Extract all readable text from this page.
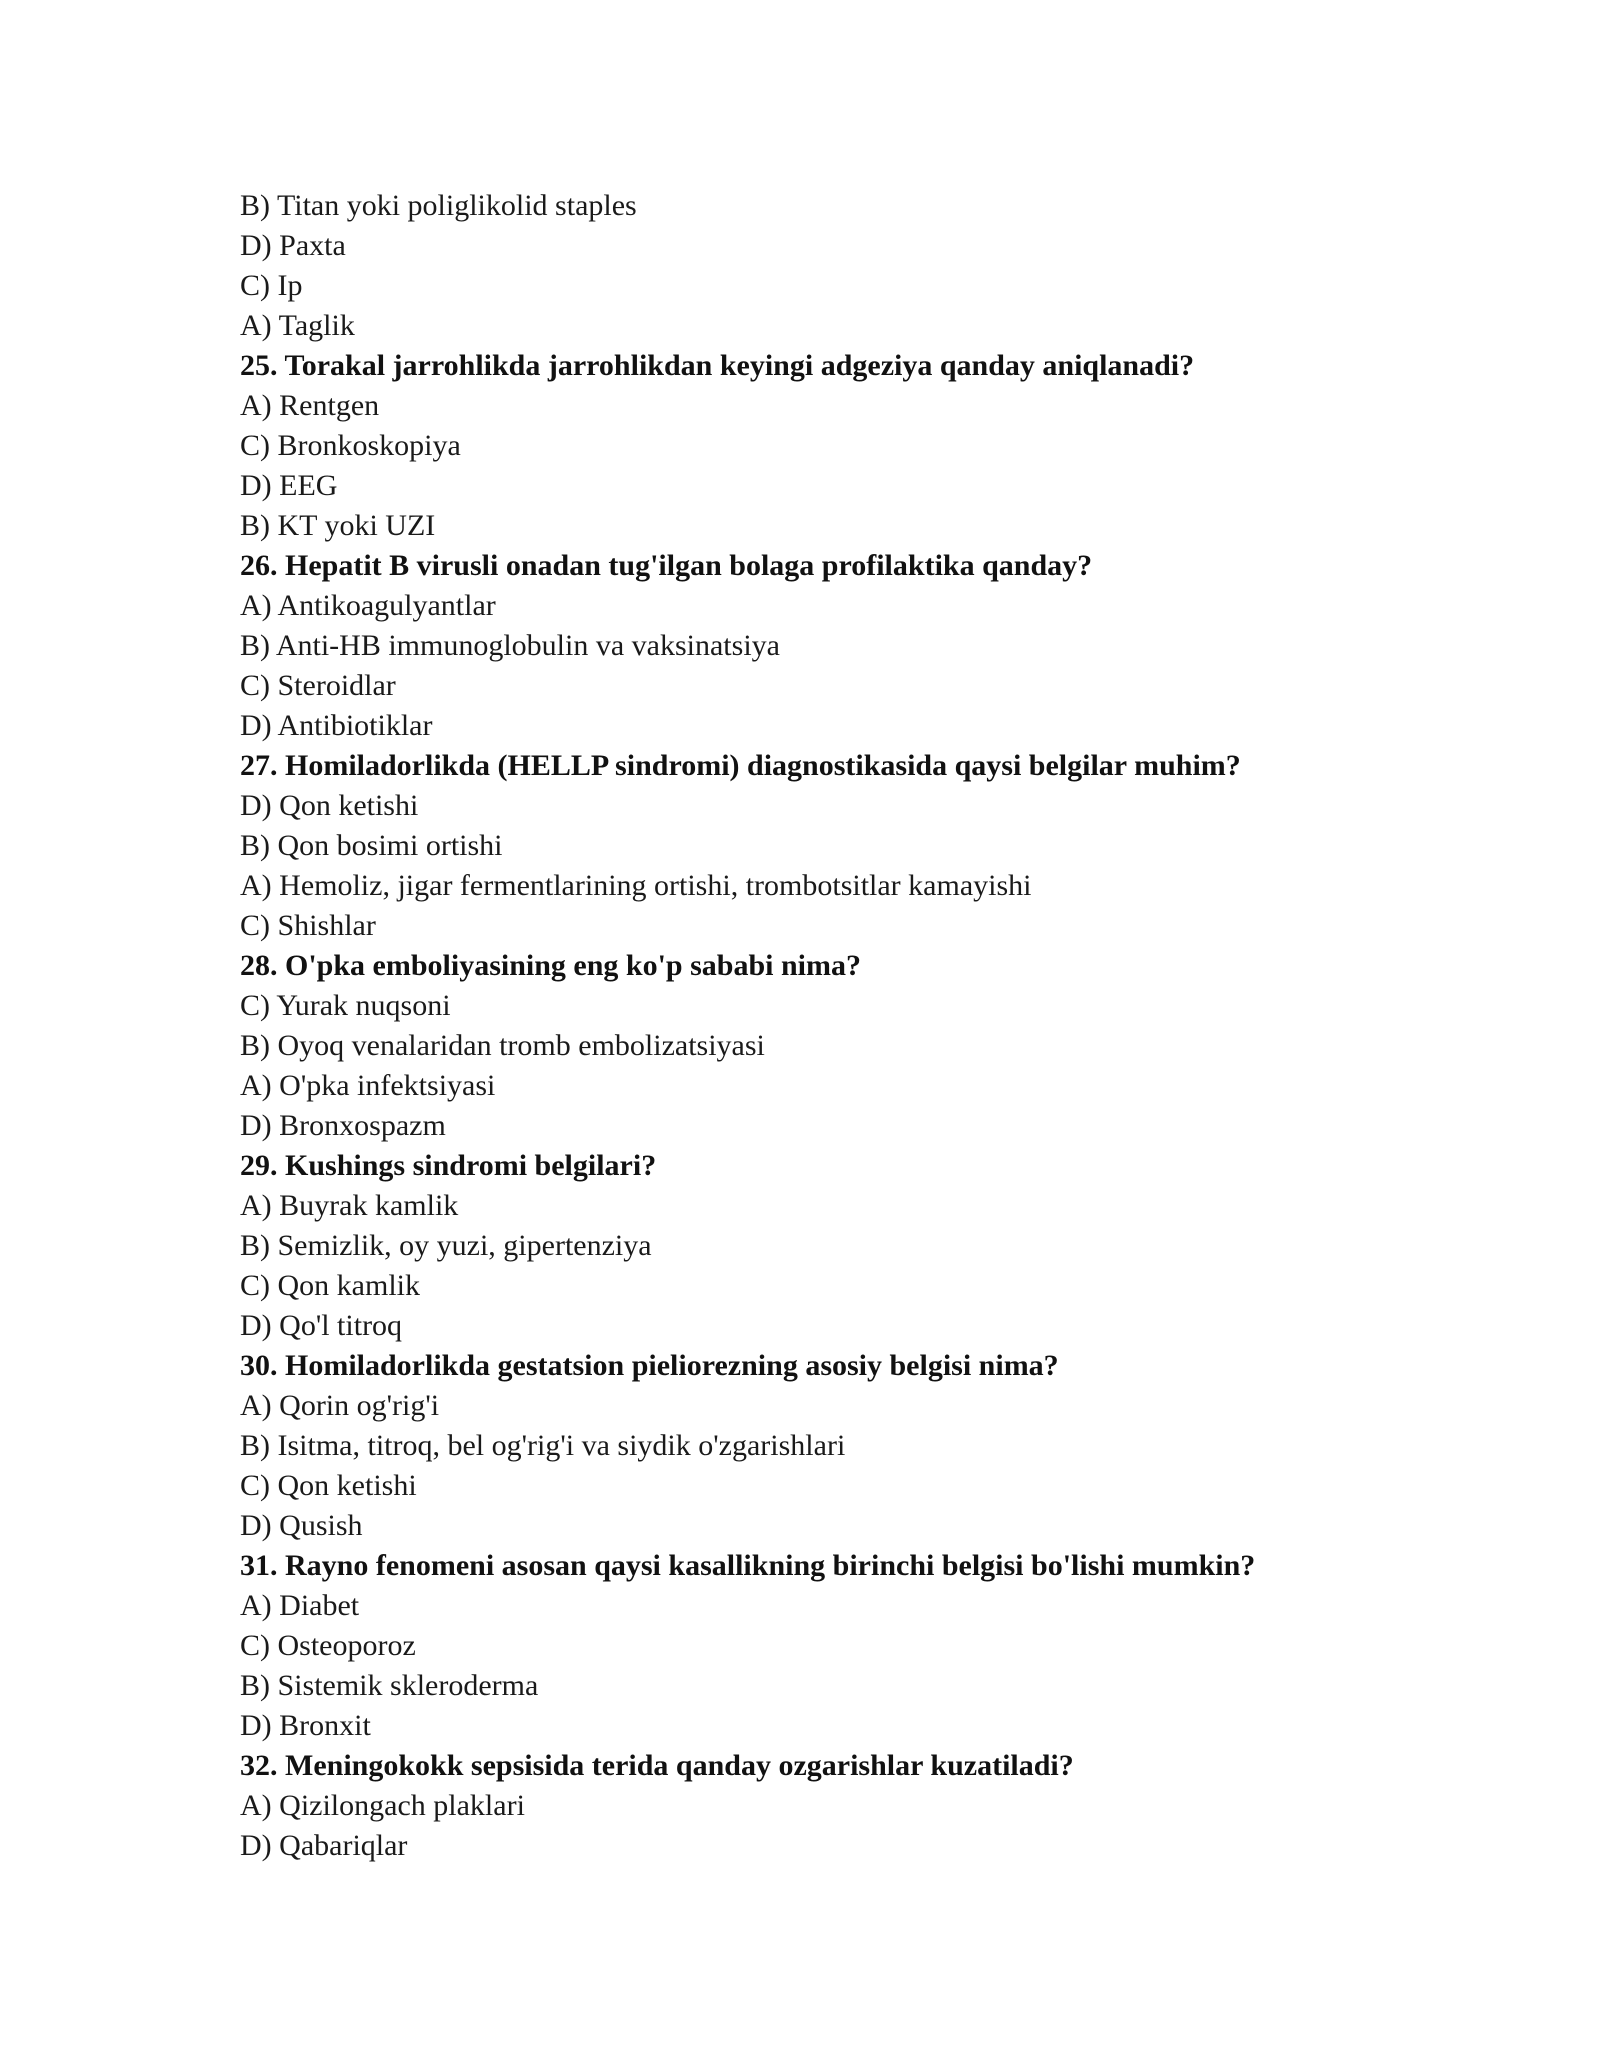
B) Titan yoki poliglikolid staples
D) Paxta
C) Ip
A) Taglik
25. Torakal jarrohlikda jarrohlikdan keyingi adgeziya qanday aniqlanadi?
A) Rentgen
C) Bronkoskopiya
D) EEG
B) KT yoki UZI
26. Hepatit B virusli onadan tug'ilgan bolaga profilaktika qanday?
A) Antikoagulyantlar
B) Anti-HB immunoglobulin va vaksinatsiya
C) Steroidlar
D) Antibiotiklar
27. Homiladorlikda (HELLP sindromi) diagnostikasida qaysi belgilar muhim?
D) Qon ketishi
B) Qon bosimi ortishi
A) Hemoliz, jigar fermentlarining ortishi, trombotsitlar kamayishi
C) Shishlar
28. O'pka emboliyasining eng ko'p sababi nima?
C) Yurak nuqsoni
B) Oyoq venalaridan tromb embolizatsiyasi
A) O'pka infektsiyasi
D) Bronxospazm
29. Kushings sindromi belgilari?
A) Buyrak kamlik
B) Semizlik, oy yuzi, gipertenziya
C) Qon kamlik
D) Qo'l titroq
30. Homiladorlikda gestatsion pieliorezning asosiy belgisi nima?
A) Qorin og'rig'i
B) Isitma, titroq, bel og'rig'i va siydik o'zgarishlari
C) Qon ketishi
D) Qusish
31. Rayno fenomeni asosan qaysi kasallikning birinchi belgisi bo'lishi mumkin?
A) Diabet
C) Osteoporoz
B) Sistemik skleroderma
D) Bronxit
32. Meningokokk sepsisida terida qanday ozgarishlar kuzatiladi?
A) Qizilongach plaklari
D) Qabariqlar
